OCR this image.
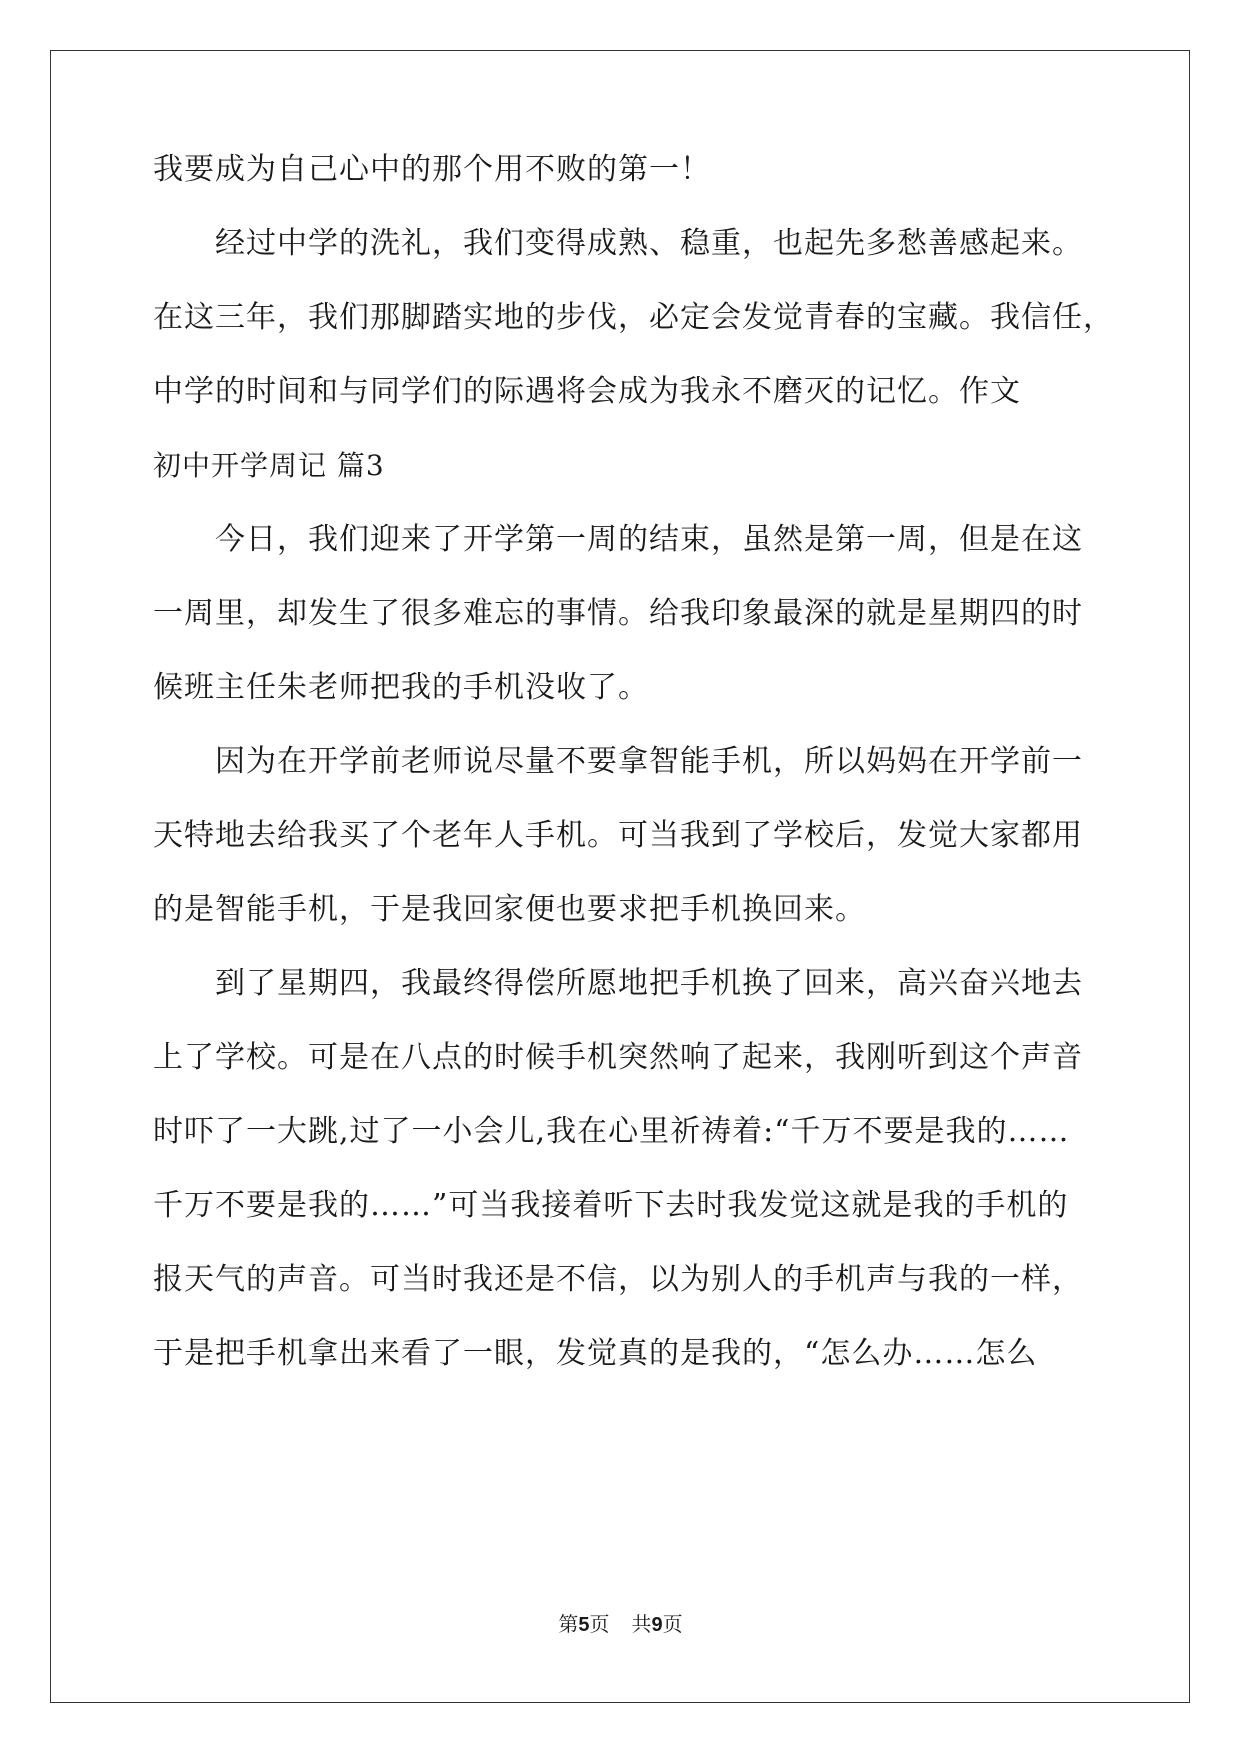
我要成为自己心中的那个用不败的第一！
经过中学的洗礼，我们变得成熟、稳重，也起先多愁善感起来。
在这三年，我们那脚踏实地的步伐，必定会发觉青春的宝藏。我信任，
中学的时间和与同学们的际遇将会成为我永不磨灭的记忆。作文
初中开学周记 篇3
今日，我们迎来了开学第一周的结束，虽然是第一周，但是在这
一周里，却发生了很多难忘的事情。给我印象最深的就是星期四的时
候班主任朱老师把我的手机没收了。
因为在开学前老师说尽量不要拿智能手机，所以妈妈在开学前一
天特地去给我买了个老年人手机。可当我到了学校后，发觉大家都用
的是智能手机，于是我回家便也要求把手机换回来。
到了星期四，我最终得偿所愿地把手机换了回来，高兴奋兴地去
上了学校。可是在八点的时候手机突然响了起来，我刚听到这个声音
时吓了一大跳,过了一小会儿,我在心里祈祷着:“千万不要是我的……
千万不要是我的……”可当我接着听下去时我发觉这就是我的手机的
报天气的声音。可当时我还是不信，以为别人的手机声与我的一样，
于是把手机拿出来看了一眼，发觉真的是我的，“怎么办……怎么
第5页 共9页
